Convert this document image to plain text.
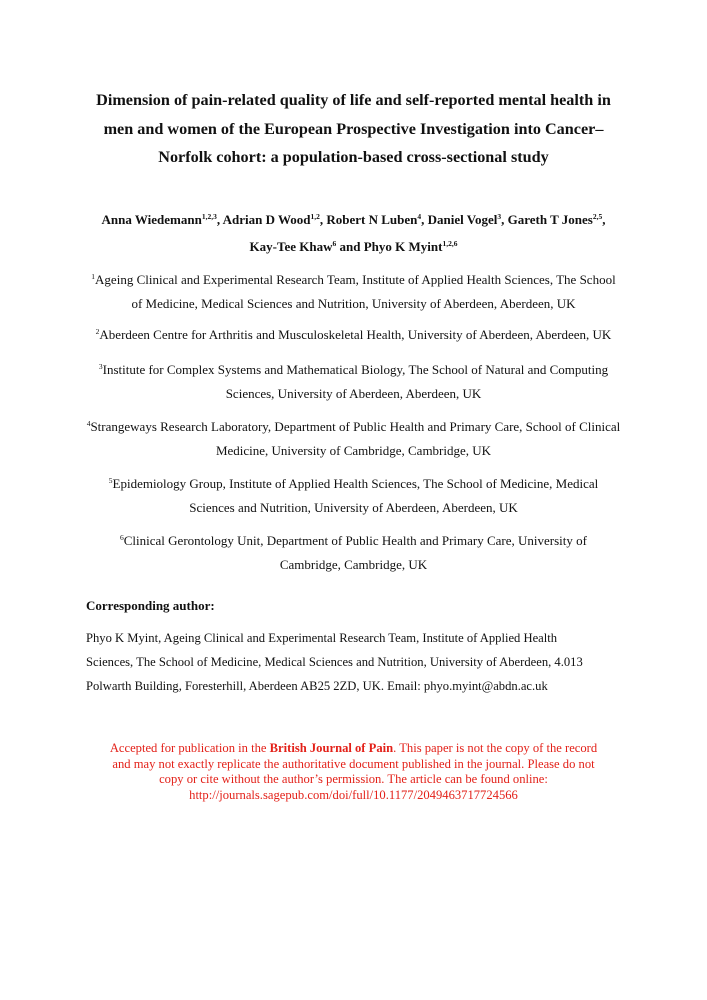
Dimension of pain-related quality of life and self-reported mental health in
men and women of the European Prospective Investigation into Cancer–
Norfolk cohort: a population-based cross-sectional study
Anna Wiedemann$^{1,2,3}$, Adrian D Wood$^{1,2}$, Robert N Luben$^4$, Daniel Vogel$^3$, Gareth T Jones$^{2,5}$,
Kay-Tee Khaw$^6$ and Phyo K Myint$^{1,2,6}$
$^1$Ageing Clinical and Experimental Research Team, Institute of Applied Health Sciences, The School
of Medicine, Medical Sciences and Nutrition, University of Aberdeen, Aberdeen, UK
$^2$Aberdeen Centre for Arthritis and Musculoskeletal Health, University of Aberdeen, Aberdeen, UK
$^3$Institute for Complex Systems and Mathematical Biology, The School of Natural and Computing
Sciences, University of Aberdeen, Aberdeen, UK
$^4$Strangeways Research Laboratory, Department of Public Health and Primary Care, School of Clinical
Medicine, University of Cambridge, Cambridge, UK
$^5$Epidemiology Group, Institute of Applied Health Sciences, The School of Medicine, Medical
Sciences and Nutrition, University of Aberdeen, Aberdeen, UK
$^6$Clinical Gerontology Unit, Department of Public Health and Primary Care, University of
Cambridge, Cambridge, UK
Corresponding author:
Phyo K Myint, Ageing Clinical and Experimental Research Team, Institute of Applied Health
Sciences, The School of Medicine, Medical Sciences and Nutrition, University of Aberdeen, 4.013
Polwarth Building, Foresterhill, Aberdeen AB25 2ZD, UK. Email: phyo.myint@abdn.ac.uk
Accepted for publication in the British Journal of Pain. This paper is not the copy of the record
and may not exactly replicate the authoritative document published in the journal. Please do not
copy or cite without the author’s permission. The article can be found online:
http://journals.sagepub.com/doi/full/10.1177/2049463717724566
